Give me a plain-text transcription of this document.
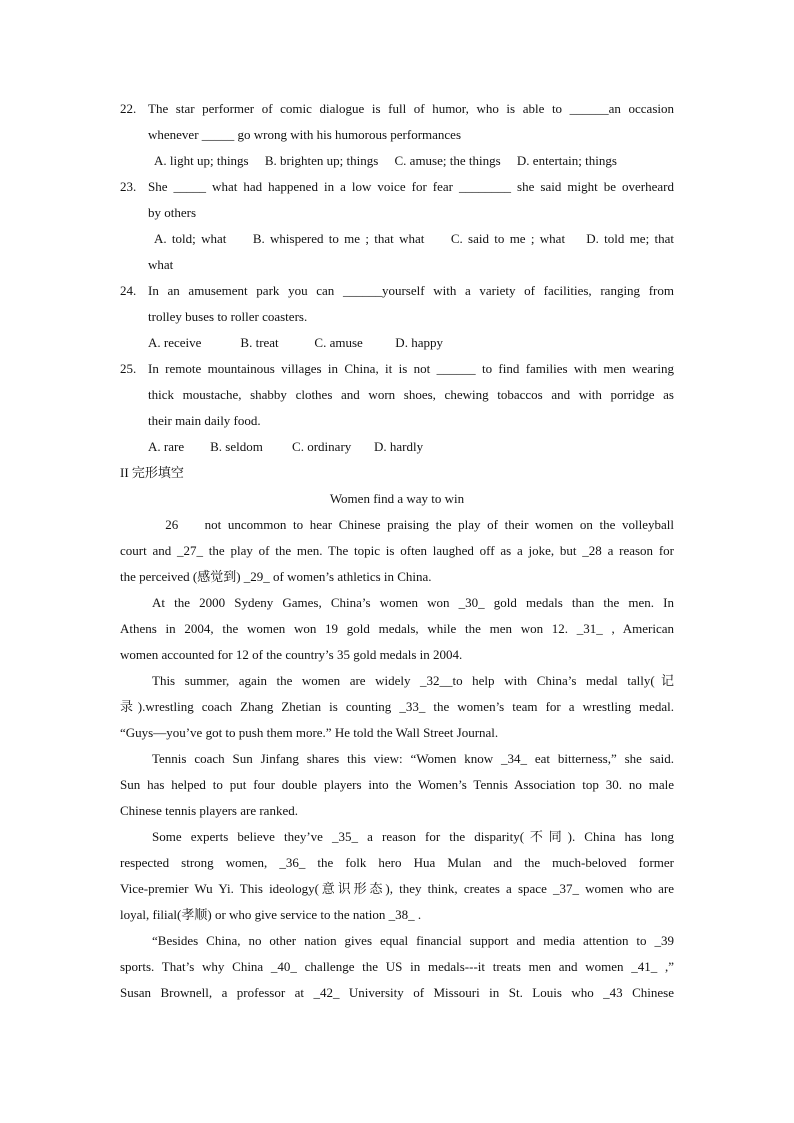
22. The star performer of comic dialogue is full of humor, who is able to ______an occasion
whenever _____ go wrong with his humorous performances
A. light up; things     B. brighten up; things     C. amuse; the things     D. entertain; things
23. She _____ what had happened in a low voice for fear ________ she said might be overheard
by others
A. told; what     B. whispered to me ; that what     C. said to me ; what    D. told me; that
what
24. In an amusement park you can ______yourself with a variety of facilities, ranging from
trolley buses to roller coasters.
A. receive            B. treat           C. amuse          D. happy
25. In remote mountainous villages in China, it is not ______ to find families with men wearing
thick moustache, shabby clothes and worn shoes, chewing tobaccos and with porridge as
their main daily food.
A. rare        B. seldom         C. ordinary       D. hardly
II 完形填空
Women find a way to win
26    not uncommon to hear Chinese praising the play of their women on the volleyball
court and _27_ the play of the men. The topic is often laughed off as a joke, but _28 a reason for
the perceived (感觉到) _29_ of women’s athletics in China.
At the 2000 Sydeny Games, China’s women won _30_ gold medals than the men. In
Athens in 2004, the women won 19 gold medals, while the men won 12. _31_ , American
women accounted for 12 of the country’s 35 gold medals in 2004.
This summer, again the women are widely _32__to help with China’s medal tally(记
录).wrestling coach Zhang Zhetian is counting _33_ the women’s team for a wrestling medal.
“Guys—you’ve got to push them more.” He told the Wall Street Journal.
Tennis coach Sun Jinfang shares this view: “Women know _34_ eat bitterness,” she said.
Sun has helped to put four double players into the Women’s Tennis Association top 30. no male
Chinese tennis players are ranked.
Some experts believe they’ve _35_ a reason for the disparity(不同). China has long
respected strong women, _36_ the folk hero Hua Mulan and the much-beloved former
Vice-premier Wu Yi. This ideology(意识形态), they think, creates a space _37_ women who are
loyal, filial(孝顺) or who give service to the nation _38_ .
“Besides China, no other nation gives equal financial support and media attention to _39
sports. That’s why China _40_ challenge the US in medals---it treats men and women _41_ ,”
Susan Brownell, a professor at _42_ University of Missouri in St. Louis who _43 Chinese
